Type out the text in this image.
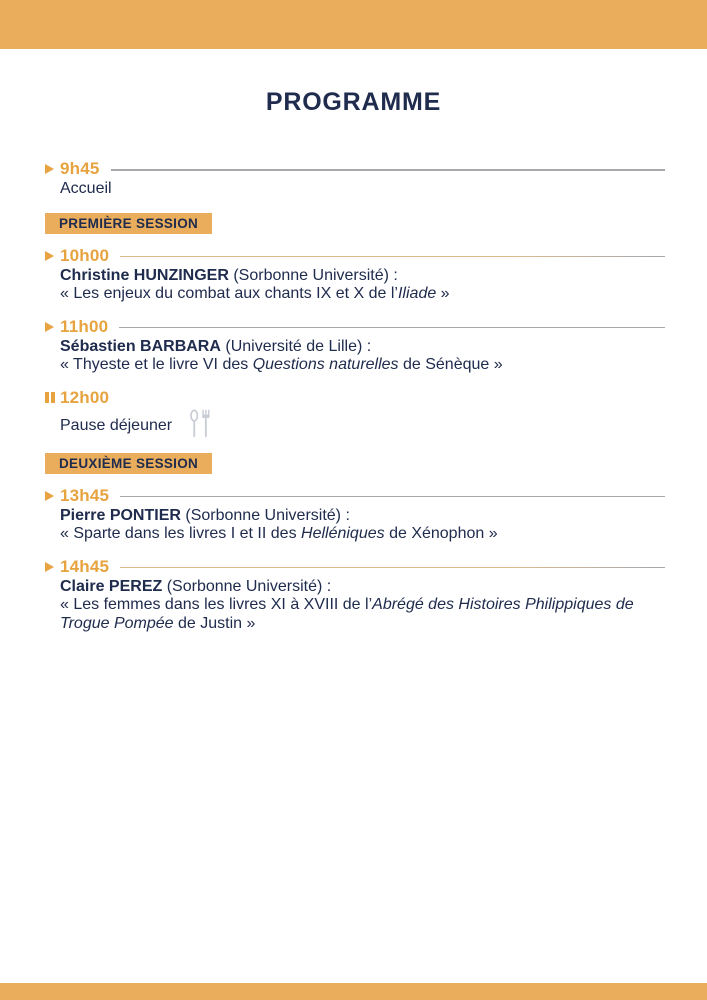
PROGRAMME
9h45
Accueil
PREMIÈRE SESSION
10h00
Christine HUNZINGER (Sorbonne Université) :
« Les enjeux du combat aux chants IX et X de l’Iliade »
11h00
Sébastien BARBARA (Université de Lille) :
« Thyeste et le livre VI des Questions naturelles de Sénèque »
12h00
Pause déjeuner
DEUXIÈME SESSION
13h45
Pierre PONTIER (Sorbonne Université) :
« Sparte dans les livres I et II des Helléniques de Xénophon »
14h45
Claire PEREZ (Sorbonne Université) :
« Les femmes dans les livres XI à XVIII de l’Abrégé des Histoires Philippiques de
Trogue Pompée de Justin »
